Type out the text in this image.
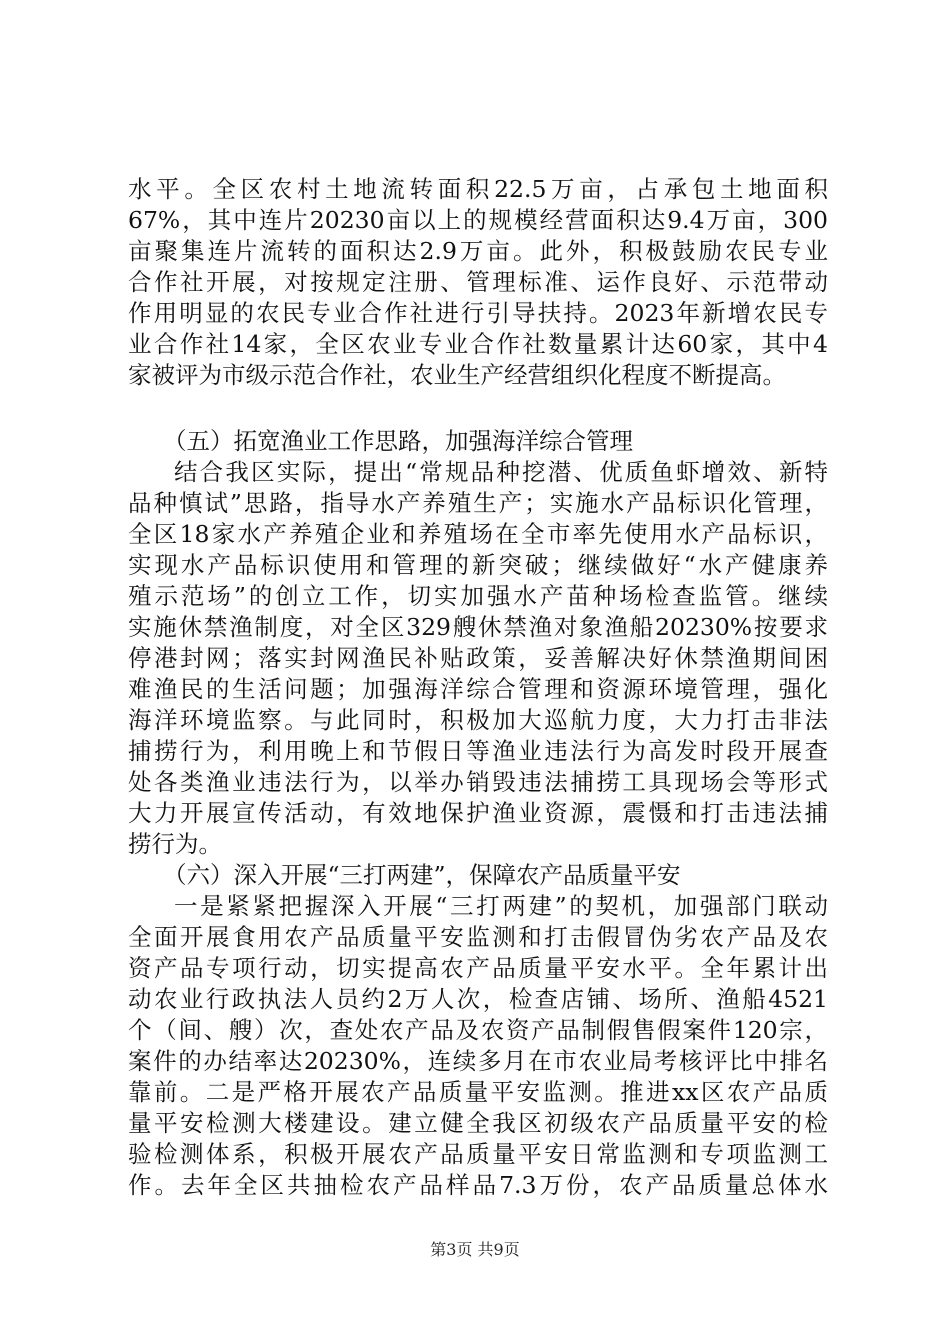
水平。全区农村土地流转面积22.5万亩，占承包土地面积
67%，其中连片20230亩以上的规模经营面积达9.4万亩，300
亩聚集连片流转的面积达2.9万亩。此外，积极鼓励农民专业
合作社开展，对按规定注册、管理标准、运作良好、示范带动
作用明显的农民专业合作社进行引导扶持。2023年新增农民专
业合作社14家，全区农业专业合作社数量累计达60家，其中4
家被评为市级示范合作社，农业生产经营组织化程度不断提高。
（五）拓宽渔业工作思路，加强海洋综合管理
结合我区实际，提出“常规品种挖潜、优质鱼虾增效、新特
品种慎试”思路，指导水产养殖生产；实施水产品标识化管理，
全区18家水产养殖企业和养殖场在全市率先使用水产品标识，
实现水产品标识使用和管理的新突破；继续做好“水产健康养
殖示范场”的创立工作，切实加强水产苗种场检查监管。继续
实施休禁渔制度，对全区329艘休禁渔对象渔船20230%按要求
停港封网；落实封网渔民补贴政策，妥善解决好休禁渔期间困
难渔民的生活问题；加强海洋综合管理和资源环境管理，强化
海洋环境监察。与此同时，积极加大巡航力度，大力打击非法
捕捞行为，利用晚上和节假日等渔业违法行为高发时段开展查
处各类渔业违法行为，以举办销毁违法捕捞工具现场会等形式
大力开展宣传活动，有效地保护渔业资源，震慑和打击违法捕
捞行为。
（六）深入开展“三打两建”，保障农产品质量平安
一是紧紧把握深入开展“三打两建”的契机，加强部门联动
全面开展食用农产品质量平安监测和打击假冒伪劣农产品及农
资产品专项行动，切实提高农产品质量平安水平。全年累计出
动农业行政执法人员约2万人次，检查店铺、场所、渔船4521
个（间、艘）次，查处农产品及农资产品制假售假案件120宗，
案件的办结率达20230%，连续多月在市农业局考核评比中排名
靠前。二是严格开展农产品质量平安监测。推进xx区农产品质
量平安检测大楼建设。建立健全我区初级农产品质量平安的检
验检测体系，积极开展农产品质量平安日常监测和专项监测工
作。去年全区共抽检农产品样品7.3万份，农产品质量总体水
第3页 共9页
